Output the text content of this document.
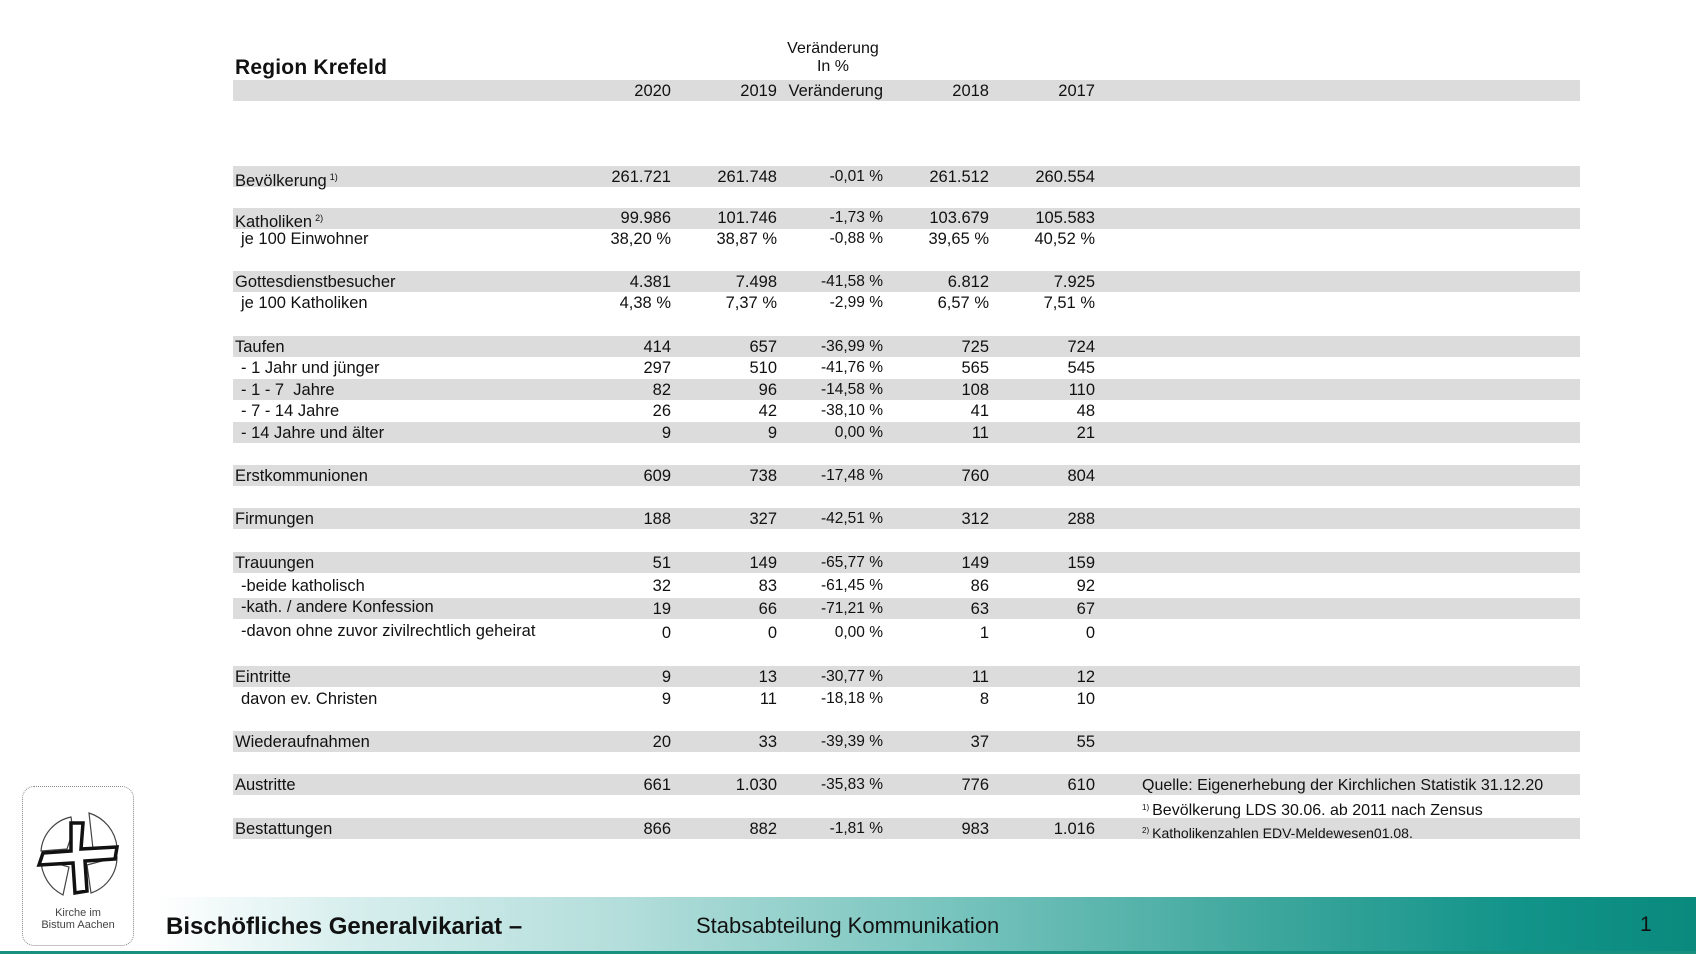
Region Krefeld
Veränderung
In %
2020	2019 Veränderung	2018	2017
Bevölkerung $^{1)}$	261.721	261.748	-0,01 %	261.512	260.554
Katholiken $^{2)}$	99.986	101.746	-1,73 %	103.679	105.583
je 100 Einwohner	38,20 %	38,87 %	-0,88 %	39,65 %	40,52 %
Gottesdienstbesucher	4.381	7.498	-41,58 %	6.812	7.925
je 100 Katholiken	4,38 %	7,37 %	-2,99 %	6,57 %	7,51 %
Taufen	414	657	-36,99 %	725	724
- 1 Jahr und jünger	297	510	-41,76 %	565	545
- 1 - 7  Jahre	82	96	-14,58 %	108	110
- 7 - 14 Jahre	26	42	-38,10 %	41	48
- 14 Jahre und älter	9	9	0,00 %	11	21
Erstkommunionen	609	738	-17,48 %	760	804
Firmungen	188	327	-42,51 %	312	288
Trauungen	51	149	-65,77 %	149	159
-beide katholisch	32	83	-61,45 %	86	92
-kath. / andere Konfession	19	66	-71,21 %	63	67
-davon ohne zuvor zivilrechtlich geheirat	0	0	0,00 %	1	0
Eintritte	9	13	-30,77 %	11	12
davon ev. Christen	9	11	-18,18 %	8	10
Wiederaufnahmen	20	33	-39,39 %	37	55
Austritte	661	1.030	-35,83 %	776	610
Bestattungen	866	882	-1,81 %	983	1.016
Quelle: Eigenerhebung der Kirchlichen Statistik 31.12.20
$^{1)}$ Bevölkerung LDS 30.06. ab 2011 nach Zensus
$^{2)}$ Katholikenzahlen EDV-Meldewesen01.08.
Kirche im
Bistum Aachen	Bischöfliches Generalvikariat –	Stabsabteilung Kommunikation	1
